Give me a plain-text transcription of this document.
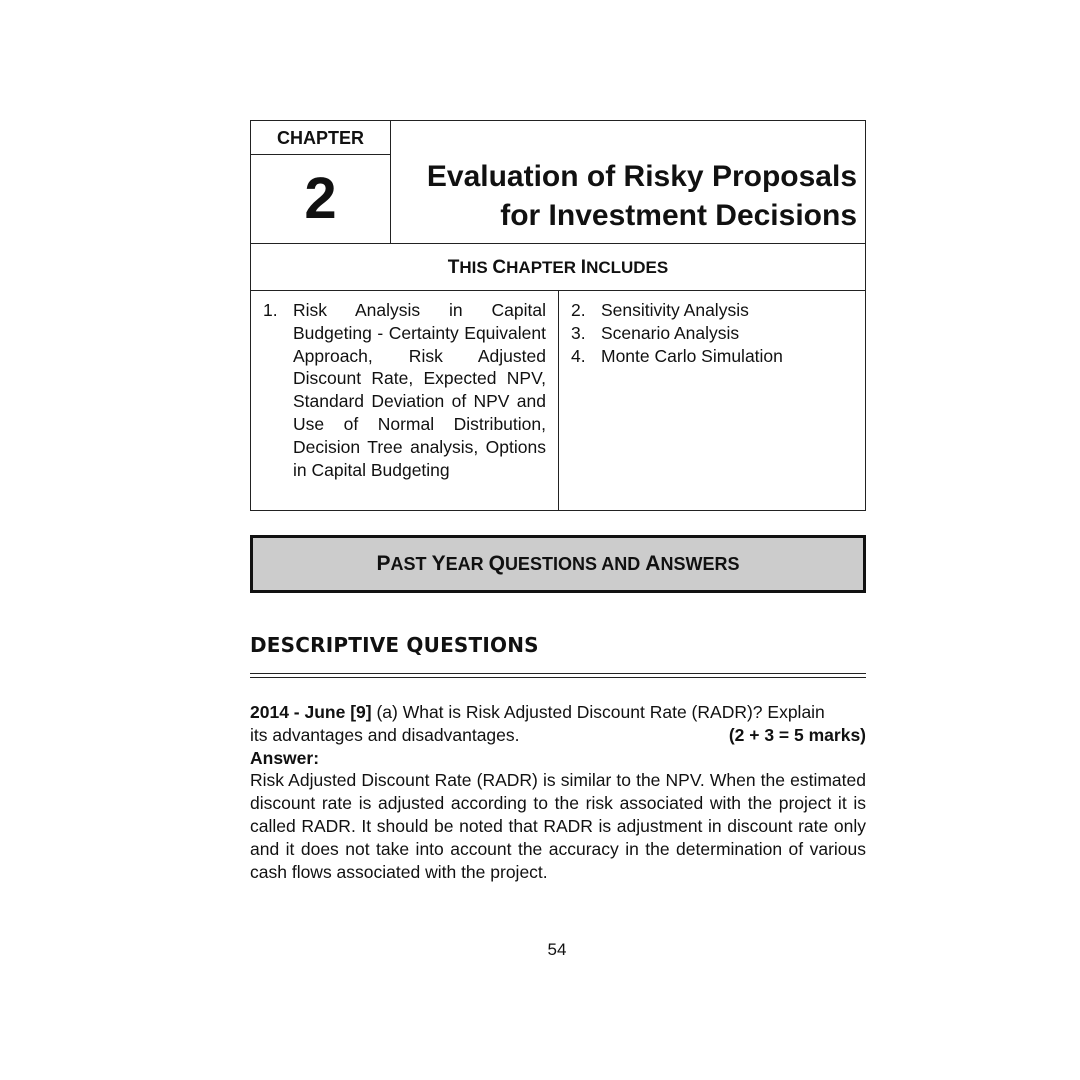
CHAPTER
2	Evaluation of Risky Proposals
for Investment Decisions
THIS CHAPTER INCLUDES
1. Risk Analysis in Capital Budgeting - Certainty Equivalent Approach, Risk Adjusted Discount Rate, Expected NPV, Standard Deviation of NPV and Use of Normal Distribution, Decision Tree analysis, Options in Capital Budgeting
2. Sensitivity Analysis
3. Scenario Analysis
4. Monte Carlo Simulation
PAST YEAR QUESTIONS AND ANSWERS
DESCRIPTIVE QUESTIONS
2014 - June [9] (a) What is Risk Adjusted Discount Rate (RADR)? Explain
its advantages and disadvantages.	(2 + 3 = 5 marks)
Answer:
Risk Adjusted Discount Rate (RADR) is similar to the NPV. When the estimated discount rate is adjusted according to the risk associated with the project it is called RADR. It should be noted that RADR is adjustment in discount rate only and it does not take into account the accuracy in the determination of various cash flows associated with the project.
54
